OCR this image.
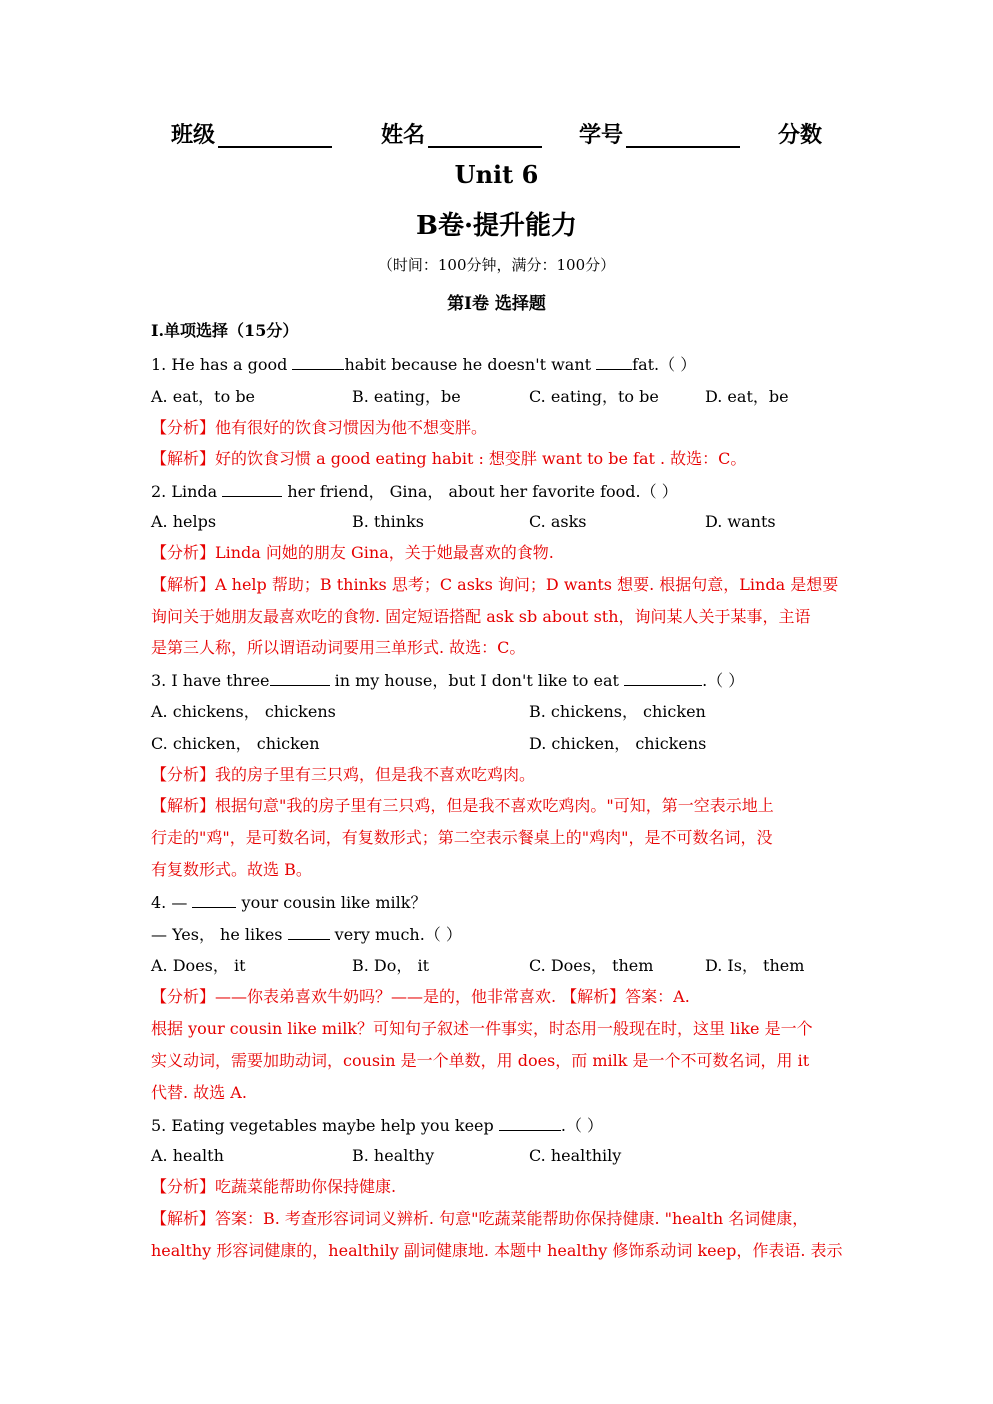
班级	姓名	学号	分数
Unit 6
B卷·提升能力
（时间：100分钟，满分：100分）
第Ⅰ卷 选择题
I.单项选择（15分）
1. He has a good	habit because he doesn't want fat.（ ）
A. eat，to be	B. eating，be	C. eating，to be	D. eat，be
【分析】他有很好的饮食习惯因为他不想变胖。
【解析】好的饮食习惯 a good eating habit : 想变胖 want to be fat . 故选：C。
2. Linda	her friend， Gina， about her favorite food.（ ）
A. helps	B. thinks	C. asks	D. wants
【分析】Linda 问她的朋友 Gina，关于她最喜欢的食物.
【解析】A help 帮助；B thinks 思考；C asks 询问；D wants 想要. 根据句意，Linda 是想要
询问关于她朋友最喜欢吃的食物. 固定短语搭配 ask sb about sth，询问某人关于某事，主语
是第三人称，所以谓语动词要用三单形式. 故选：C。
3. I have three	in my house，but I don't like to eat	.（ ）
A. chickens， chickens	B. chickens， chicken
C. chicken， chicken	D. chicken， chickens
【分析】我的房子里有三只鸡，但是我不喜欢吃鸡肉。
【解析】根据句意"我的房子里有三只鸡，但是我不喜欢吃鸡肉。"可知，第一空表示地上
行走的"鸡"，是可数名词，有复数形式；第二空表示餐桌上的"鸡肉"，是不可数名词，没
有复数形式。故选 B。
4. —	your cousin like milk？
— Yes， he likes	very much.（ ）
A. Does， it	B. Do， it	C. Does， them	D. Is， them
【分析】——你表弟喜欢牛奶吗？——是的，他非常喜欢. 【解析】答案：A.
根据 your cousin like milk？可知句子叙述一件事实，时态用一般现在时，这里 like 是一个
实义动词，需要加助动词，cousin 是一个单数，用 does，而 milk 是一个不可数名词，用 it
代替. 故选 A.
5. Eating vegetables maybe help you keep	.（ ）
A. health	B. healthy	C. healthily
【分析】吃蔬菜能帮助你保持健康.
【解析】答案：B. 考查形容词词义辨析. 句意"吃蔬菜能帮助你保持健康. "health 名词健康，
healthy 形容词健康的，healthily 副词健康地. 本题中 healthy 修饰系动词 keep，作表语. 表示
